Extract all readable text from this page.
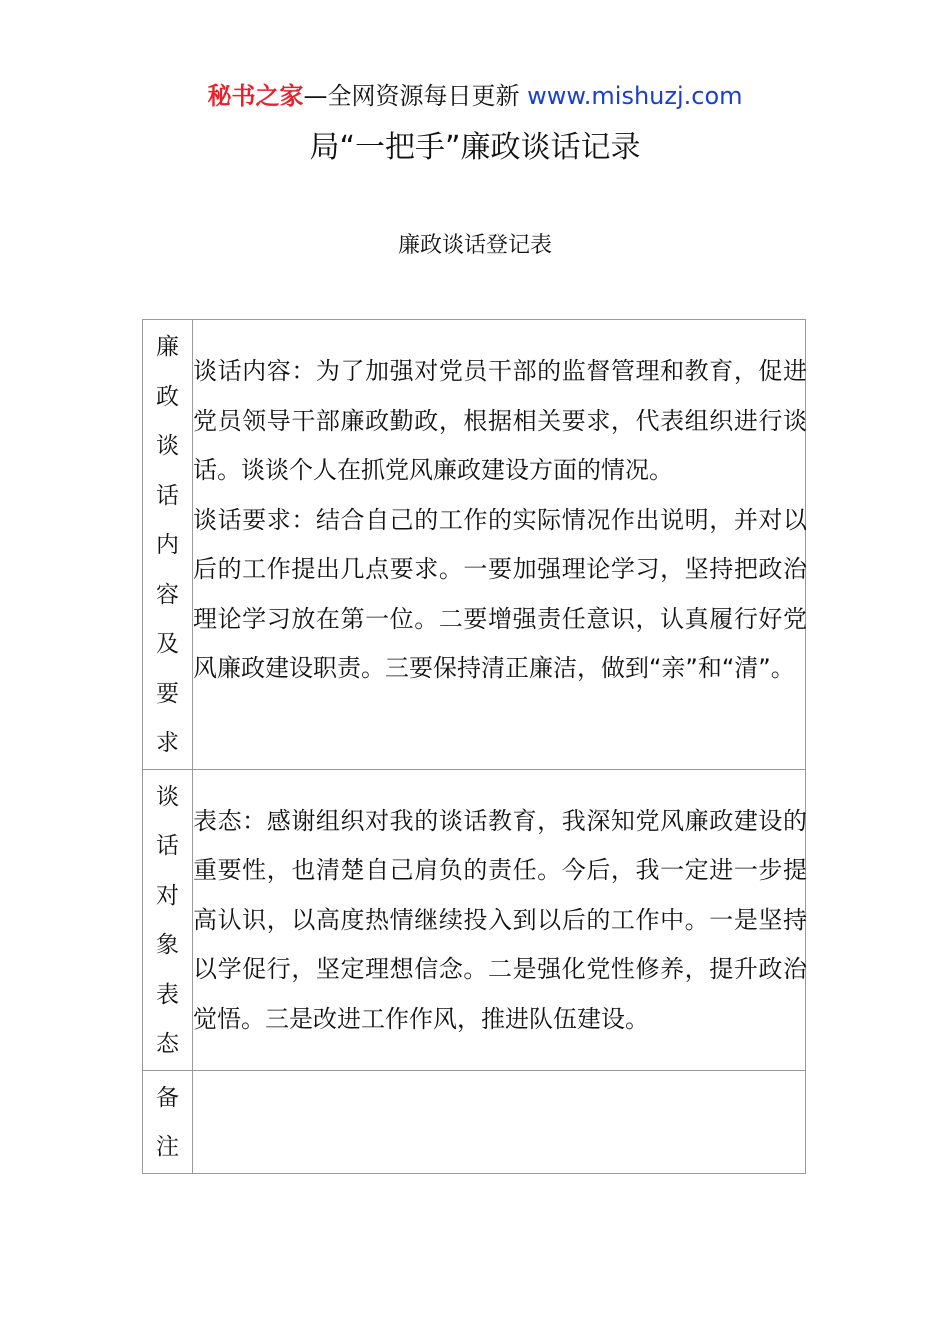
秘书之家—全网资源每日更新 www.mishuzj.com
局“一把手”廉政谈话记录
廉政谈话登记表
廉政谈话内容及要求	谈话内容：为了加强对党员干部的监督管理和教育，促进党员领导干部廉政勤政，根据相关要求，代表组织进行谈话。谈谈个人在抓党风廉政建设方面的情况。

谈话要求：结合自己的工作的实际情况作出说明，并对以后的工作提出几点要求。一要加强理论学习，坚持把政治理论学习放在第一位。二要增强责任意识，认真履行好党风廉政建设职责。三要保持清正廉洁，做到“亲”和“清”。

谈话对象表态	表态：感谢组织对我的谈话教育，我深知党风廉政建设的重要性，也清楚自己肩负的责任。今后，我一定进一步提高认识，以高度热情继续投入到以后的工作中。一是坚持以学促行，坚定理想信念。二是强化党性修养，提升政治觉悟。三是改进工作作风，推进队伍建设。

备注	
